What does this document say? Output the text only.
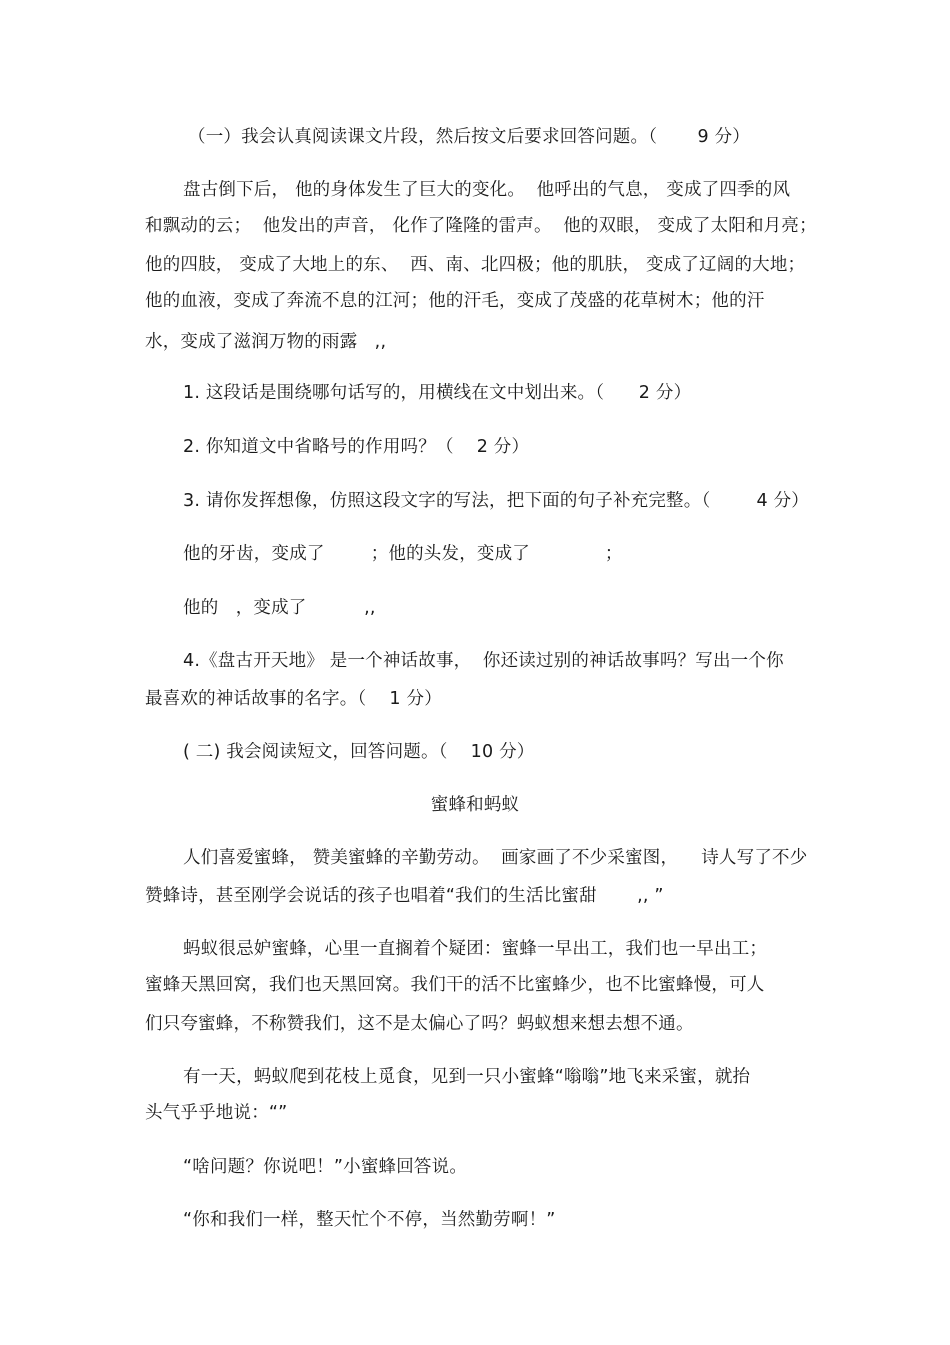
（一）我会认真阅读课文片段，然后按文后要求回答问题。（       9 分）
盘古倒下后， 他的身体发生了巨大的变化。  他呼出的气息， 变成了四季的风
和飘动的云；  他发出的声音， 化作了隆隆的雷声。  他的双眼， 变成了太阳和月亮；
他的四肢， 变成了大地上的东、  西、南、北四极；他的肌肤， 变成了辽阔的大地；
他的血液，变成了奔流不息的江河；他的汗毛，变成了茂盛的花草树木；他的汗
水，变成了滋润万物的雨露   ,,
1. 这段话是围绕哪句话写的，用横线在文中划出来。（      2 分）
2. 你知道文中省略号的作用吗？（    2 分）
3. 请你发挥想像，仿照这段文字的写法，把下面的句子补充完整。（        4 分）
他的牙齿，变成了        ；他的头发，变成了             ；
他的   ，变成了          ,,
4.《盘古开天地》 是一个神话故事，  你还读过别的神话故事吗？写出一个你
最喜欢的神话故事的名字。（    1 分）
( 二) 我会阅读短文，回答问题。（    10 分）
蜜蜂和蚂蚁
人们喜爱蜜蜂， 赞美蜜蜂的辛勤劳动。  画家画了不少采蜜图，    诗人写了不少
赞蜂诗，甚至刚学会说话的孩子也唱着“我们的生活比蜜甜       ,, ”
蚂蚁很忌妒蜜蜂，心里一直搁着个疑团：蜜蜂一早出工，我们也一早出工；
蜜蜂天黑回窝，我们也天黑回窝。我们干的活不比蜜蜂少，也不比蜜蜂慢，可人
们只夸蜜蜂，不称赞我们，这不是太偏心了吗？蚂蚁想来想去想不通。
有一天，蚂蚁爬到花枝上觅食，见到一只小蜜蜂“嗡嗡”地飞来采蜜，就抬
头气乎乎地说：“”
“啥问题？你说吧！”小蜜蜂回答说。
“你和我们一样，整天忙个不停，当然勤劳啊！”
